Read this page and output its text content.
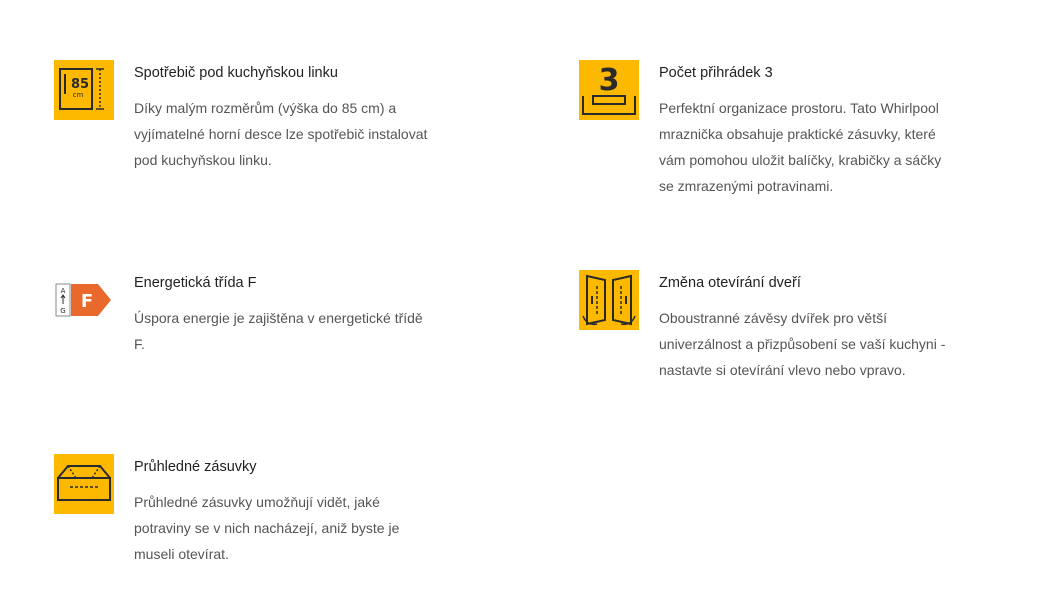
85
cm
Spotřebič pod kuchyňskou linku
Díky malým rozměrům (výška do 85 cm) a vyjímatelné horní desce lze spotřebič instalovat pod kuchyňskou linku.
3	Počet přihrádek 3
Perfektní organizace prostoru. Tato Whirlpool mraznička obsahuje praktické zásuvky, které vám pomohou uložit balíčky, krabičky a sáčky se zmrazenými potravinami.
A
G F
Energetická třída F
Úspora energie je zajištěna v energetické třídě F.
Změna otevírání dveří
Oboustranné závěsy dvířek pro větší univerzálnost a přizpůsobení se vaší kuchyni - nastavte si otevírání vlevo nebo vpravo.
Průhledné zásuvky
Průhledné zásuvky umožňují vidět, jaké potraviny se v nich nacházejí, aniž byste je museli otevírat.
